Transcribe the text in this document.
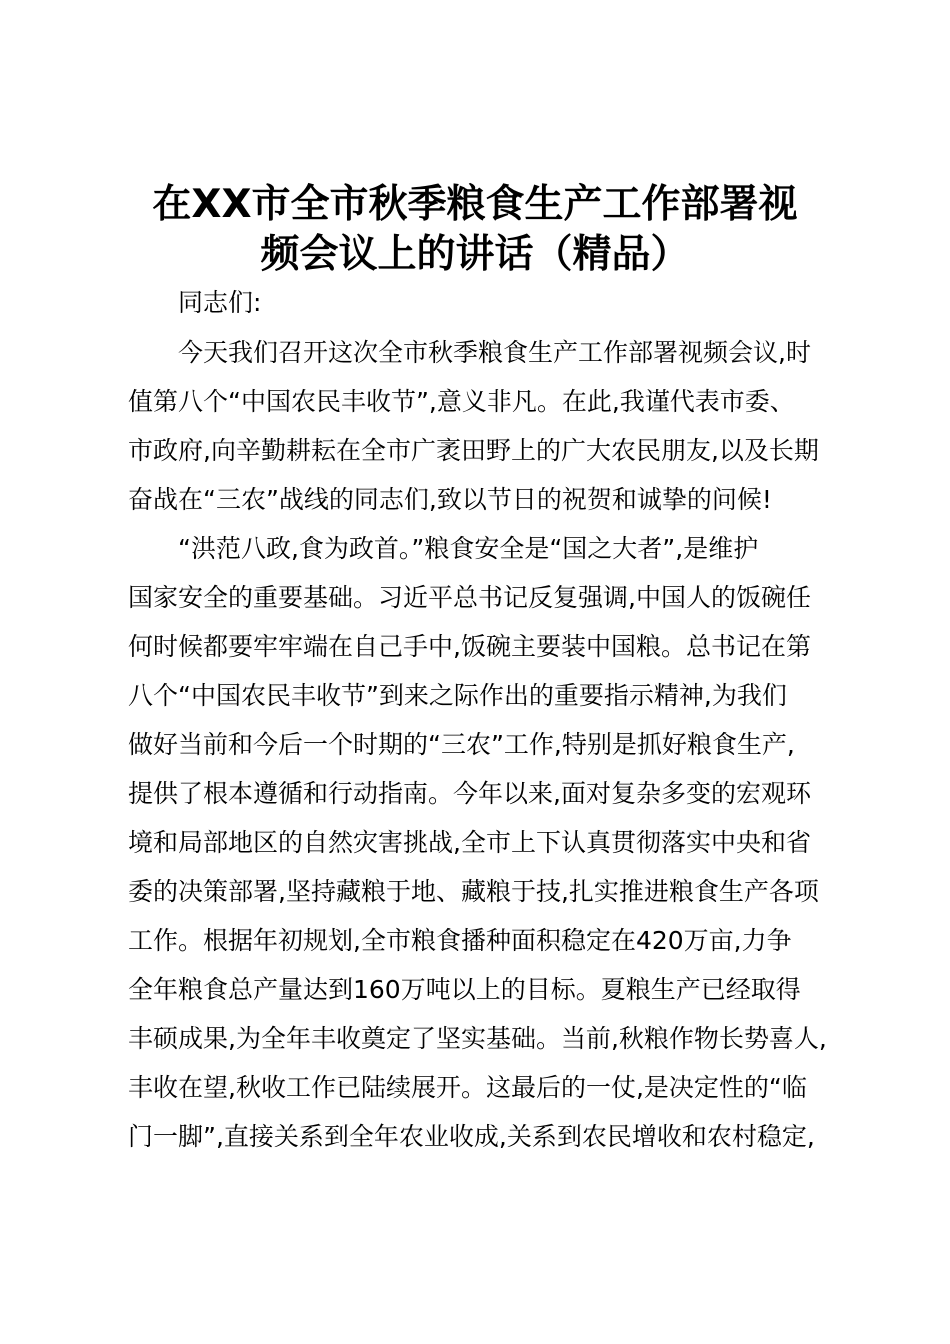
在XX市全市秋季粮食生产工作部署视
频会议上的讲话（精品）

同志们:

今天我们召开这次全市秋季粮食生产工作部署视频会议,时

值第八个“中国农民丰收节”,意义非凡。在此,我谨代表市委、

市政府,向辛勤耕耘在全市广袤田野上的广大农民朋友,以及长期

奋战在“三农”战线的同志们,致以节日的祝贺和诚挚的问候!

“洪范八政,食为政首。”粮食安全是“国之大者”,是维护

国家安全的重要基础。习近平总书记反复强调,中国人的饭碗任

何时候都要牢牢端在自己手中,饭碗主要装中国粮。总书记在第

八个“中国农民丰收节”到来之际作出的重要指示精神,为我们

做好当前和今后一个时期的“三农”工作,特别是抓好粮食生产,

提供了根本遵循和行动指南。今年以来,面对复杂多变的宏观环

境和局部地区的自然灾害挑战,全市上下认真贯彻落实中央和省

委的决策部署,坚持藏粮于地、藏粮于技,扎实推进粮食生产各项

工作。根据年初规划,全市粮食播种面积稳定在420万亩,力争

全年粮食总产量达到160万吨以上的目标。夏粮生产已经取得

丰硕成果,为全年丰收奠定了坚实基础。当前,秋粮作物长势喜人,

丰收在望,秋收工作已陆续展开。这最后的一仗,是决定性的“临

门一脚”,直接关系到全年农业收成,关系到农民增收和农村稳定,
